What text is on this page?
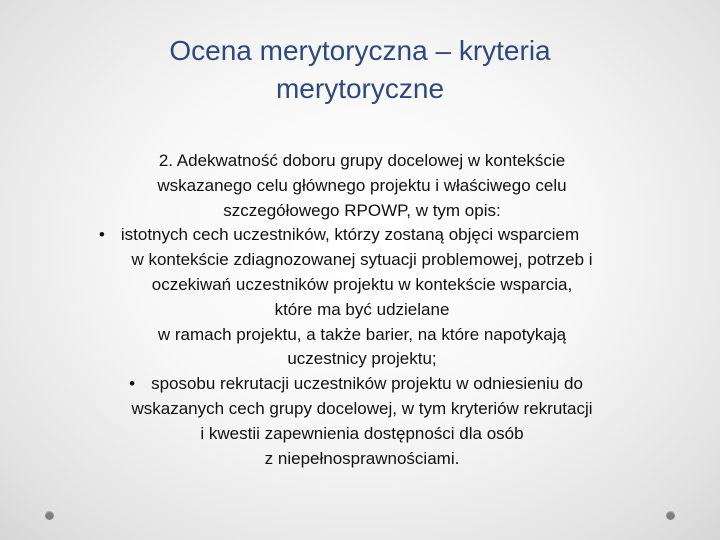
Ocena merytoryczna – kryteria
merytoryczne
2. Adekwatność doboru grupy docelowej w kontekście
wskazanego celu głównego projektu i właściwego celu
szczegółowego RPOWP, w tym opis:
• istotnych cech uczestników, którzy zostaną objęci wsparciem
w kontekście zdiagnozowanej sytuacji problemowej, potrzeb i
oczekiwań uczestników projektu w kontekście wsparcia,
które ma być udzielane
w ramach projektu, a także barier, na które napotykają
uczestnicy projektu;
• sposobu rekrutacji uczestników projektu w odniesieniu do
wskazanych cech grupy docelowej, w tym kryteriów rekrutacji
i kwestii zapewnienia dostępności dla osób
z niepełnosprawnościami.
